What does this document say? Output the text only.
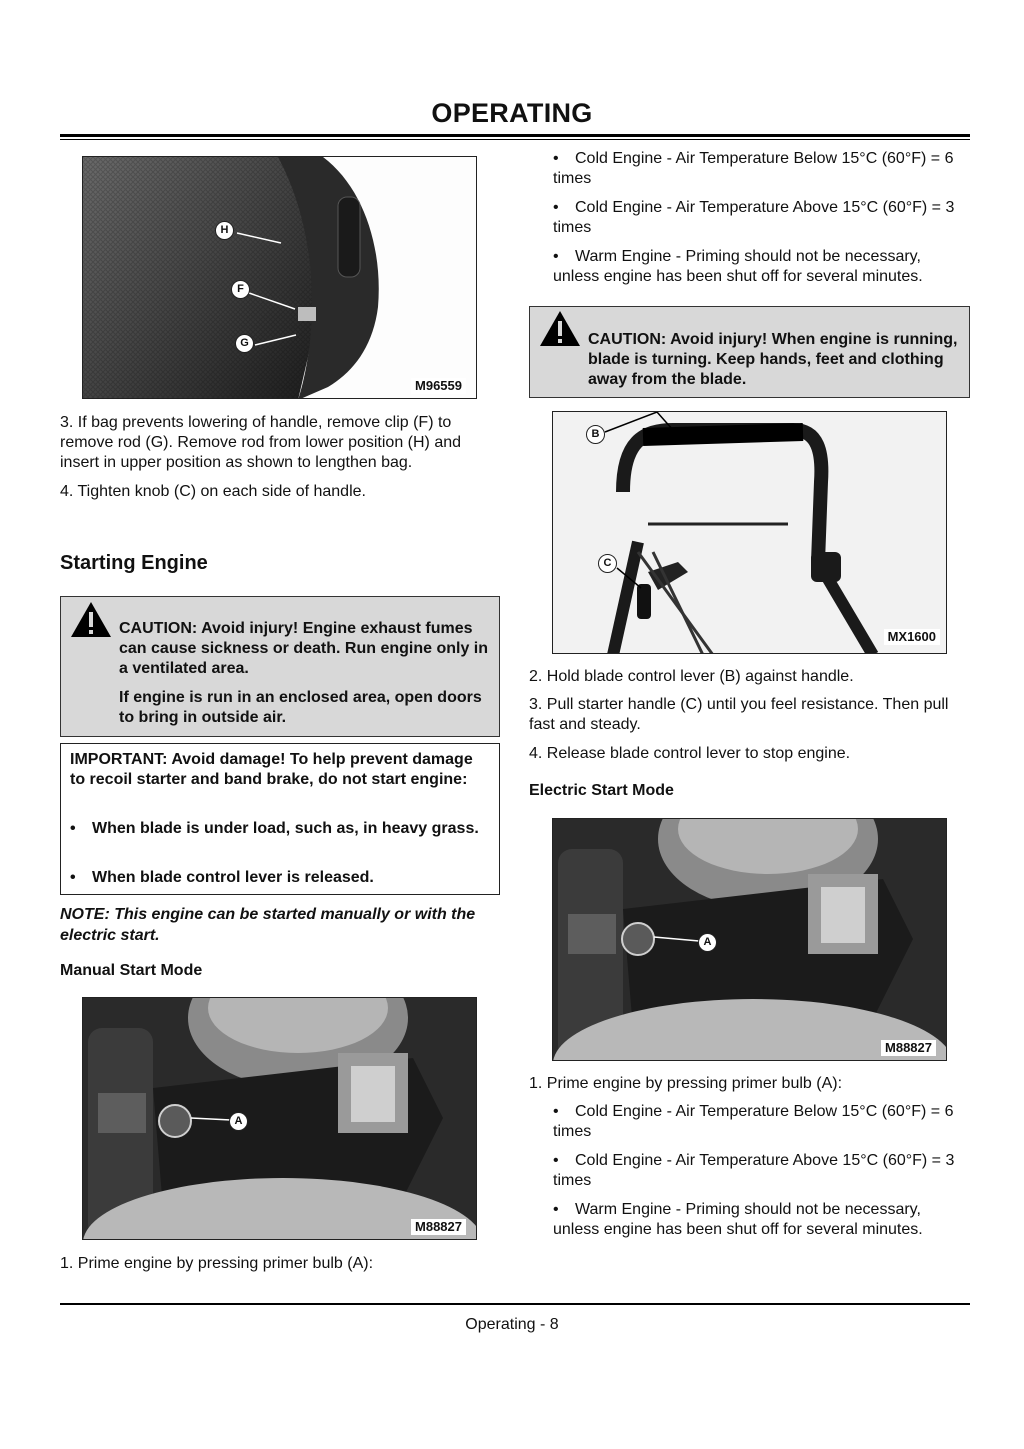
OPERATING
H
F
G
M96559

3. If bag prevents lowering of handle, remove clip (F) to remove rod (G). Remove rod from lower position (H) and insert in upper position as shown to lengthen bag.

4. Tighten knob (C) on each side of handle.

Starting Engine
CAUTION: Avoid injury! Engine exhaust fumes can cause sickness or death. Run engine only in a ventilated area.
If engine is run in an enclosed area, open doors to bring in outside air.
IMPORTANT: Avoid damage! To help prevent damage to recoil starter and band brake, do not start engine:
• When blade is under load, such as, in heavy grass.
• When blade control lever is released.
NOTE: This engine can be started manually or with the electric start.
Manual Start Mode
A
M88827

1. Prime engine by pressing primer bulb (A):

• Cold Engine - Air Temperature Below 15°C (60°F) = 6 times
• Cold Engine - Air Temperature Above 15°C (60°F) = 3 times
• Warm Engine - Priming should not be necessary, unless engine has been shut off for several minutes.
CAUTION: Avoid injury! When engine is running, blade is turning. Keep hands, feet and clothing away from the blade.
B
C
MX1600

2. Hold blade control lever (B) against handle.

3. Pull starter handle (C) until you feel resistance. Then pull fast and steady.

4. Release blade control lever to stop engine.

Electric Start Mode
A
M88827

1. Prime engine by pressing primer bulb (A):

• Cold Engine - Air Temperature Below 15°C (60°F) = 6 times
• Cold Engine - Air Temperature Above 15°C (60°F) = 3 times
• Warm Engine - Priming should not be necessary, unless engine has been shut off for several minutes.
Operating - 8
